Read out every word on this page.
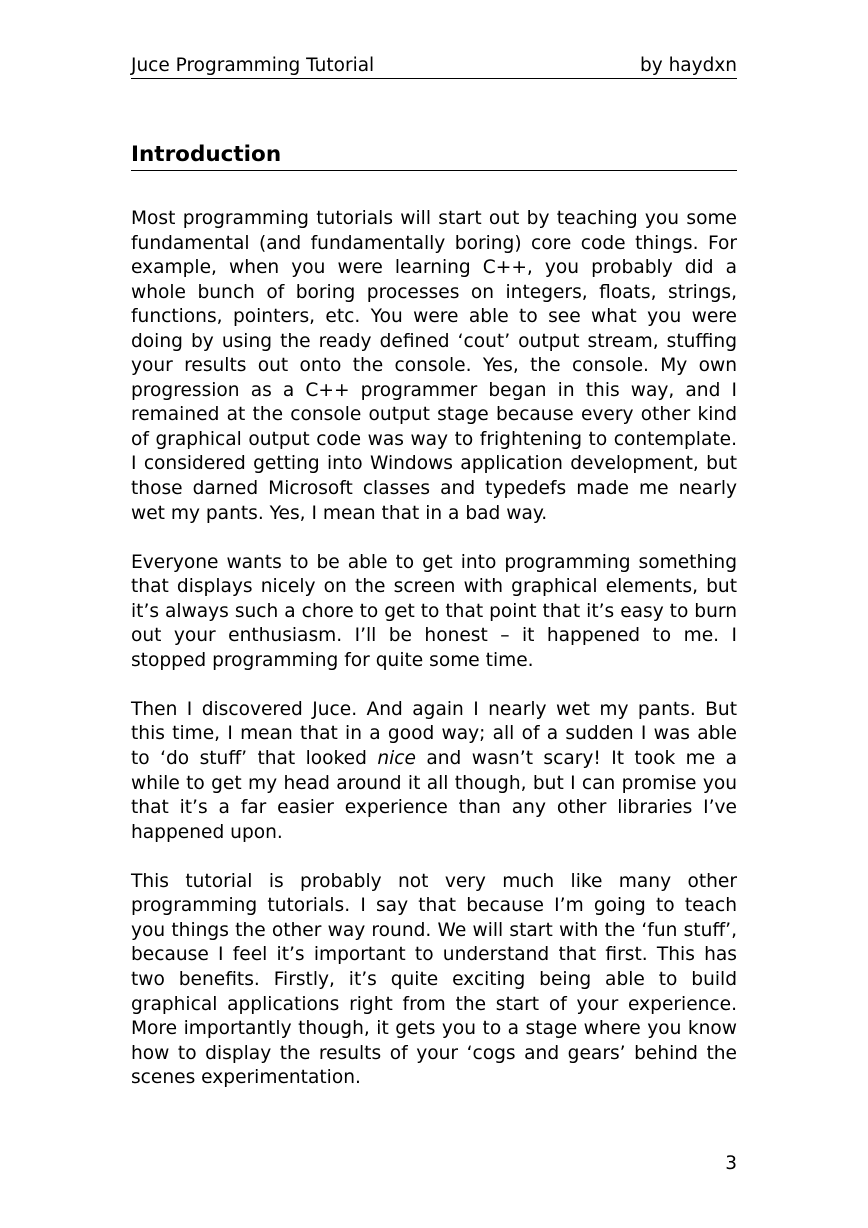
Juce Programming Tutorial	by haydxn
Introduction

Most programming tutorials will start out by teaching you some fundamental (and fundamentally boring) core code things. For example, when you were learning C++, you probably did a whole bunch of boring processes on integers, floats, strings, functions, pointers, etc. You were able to see what you were doing by using the ready defined ‘cout’ output stream, stuffing your results out onto the console. Yes, the console. My own progression as a C++ programmer began in this way, and I remained at the console output stage because every other kind of graphical output code was way to frightening to contemplate. I considered getting into Windows application development, but those darned Microsoft classes and typedefs made me nearly wet my pants. Yes, I mean that in a bad way.

Everyone wants to be able to get into programming something that displays nicely on the screen with graphical elements, but it’s always such a chore to get to that point that it’s easy to burn out your enthusiasm. I’ll be honest – it happened to me. I stopped programming for quite some time.

Then I discovered Juce. And again I nearly wet my pants. But this time, I mean that in a good way; all of a sudden I was able to ‘do stuff’ that looked nice and wasn’t scary! It took me a while to get my head around it all though, but I can promise you that it’s a far easier experience than any other libraries I’ve happened upon.

This tutorial is probably not very much like many other programming tutorials. I say that because I’m going to teach you things the other way round. We will start with the ‘fun stuff’, because I feel it’s important to understand that first. This has two benefits. Firstly, it’s quite exciting being able to build graphical applications right from the start of your experience. More importantly though, it gets you to a stage where you know how to display the results of your ‘cogs and gears’ behind the scenes experimentation.

3
